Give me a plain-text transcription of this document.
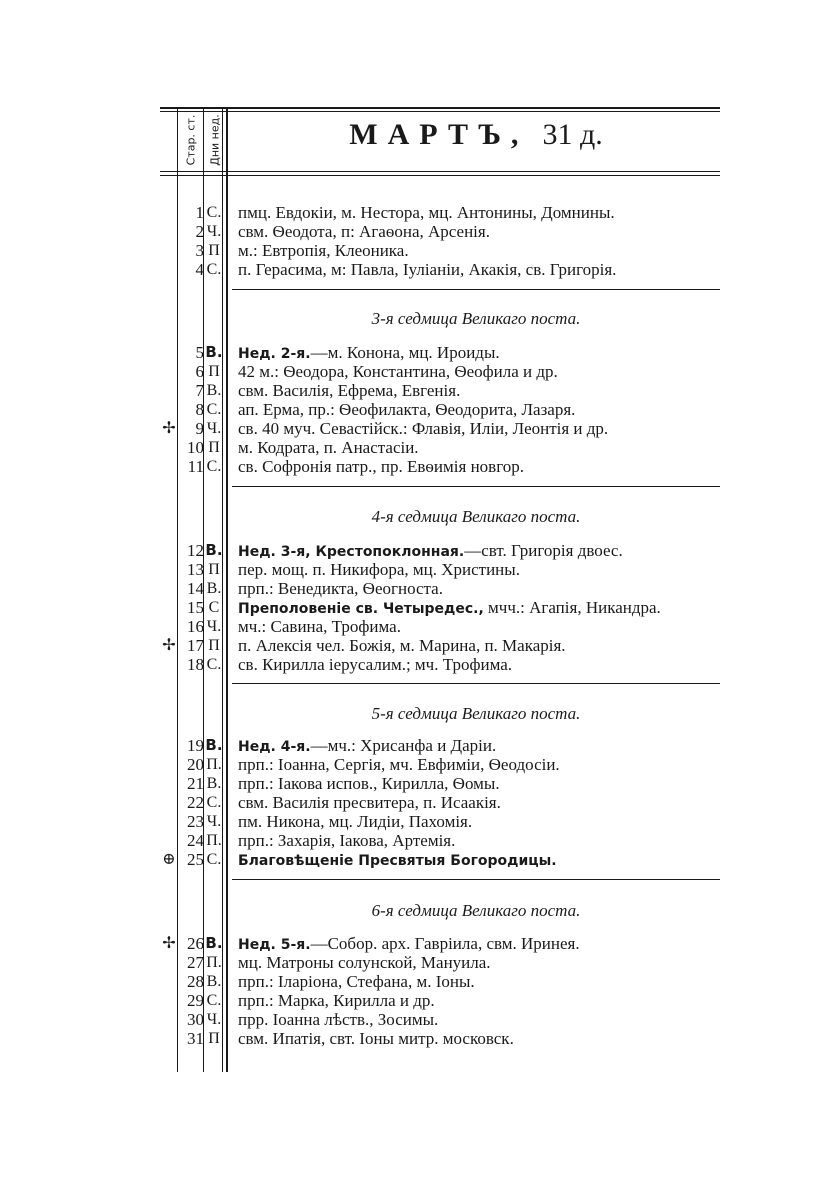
Стар. ст. Дни нед.	МАРТЪ, 31 д.
3-я седмица Великаго поста.
4-я седмица Великаго поста.
5-я седмица Великаго поста.
6-я седмица Великаго поста.
1 С. пмц. Евдокіи, м. Нестора, мц. Антонины, Домнины.
2 Ч. свм. Ѳеодота, п: Агаѳона, Арсенія.
3 П м.: Евтропія, Клеоника.
4 С. п. Герасима, м: Павла, Іуліаніи, Акакія, св. Григорія.
5 В. Нед. 2-я.—м. Конона, мц. Ироиды.
6 П 42 м.: Ѳеодора, Константина, Ѳеофила и др.
7 В. свм. Василія, Ефрема, Евгенія.
8 С. ап. Ерма, пр.: Ѳеофилакта, Ѳеодорита, Лазаря.
✢	9 Ч. св. 40 муч. Севастійск.: Флавія, Иліи, Леонтія и др.
10 П м. Кодрата, п. Анастасіи.
11 С. св. Софронія патр., пр. Евѳимія новгор.
12 В. Нед. 3-я, Крестопоклонная.—свт. Григорія двоес.
13 П пер. мощ. п. Никифора, мц. Христины.
14 В. прп.: Венедикта, Ѳеогноста.
15 С Преполовеніе св. Четыредес., мчч.: Агапія, Никандра.
16 Ч. мч.: Савина, Трофима.
✢ 17 П п. Алексія чел. Божія, м. Марина, п. Макарія.
18 С. св. Кирилла іерусалим.; мч. Трофима.
19 В. Нед. 4-я.—мч.: Хрисанфа и Даріи.
20 П. прп.: Іоанна, Сергія, мч. Евфиміи, Ѳеодосіи.
21 В. прп.: Іакова испов., Кирилла, Ѳомы.
22 С. свм. Василія пресвитера, п. Исаакія.
23 Ч. пм. Никона, мц. Лидіи, Пахомія.
24 П. прп.: Захарія, Іакова, Артемія.
⊕ 25 С. Благовѣщеніе Пресвятыя Богородицы.
✢ 26 В. Нед. 5-я.—Собор. арх. Гавріила, свм. Иринея.
27 П. мц. Матроны солунской, Мануила.
28 В. прп.: Іларіона, Стефана, м. Іоны.
29 С. прп.: Марка, Кирилла и др.
30 Ч. прр. Іоанна лѣств., Зосимы.
31 П свм. Ипатія, свт. Іоны митр. московск.
